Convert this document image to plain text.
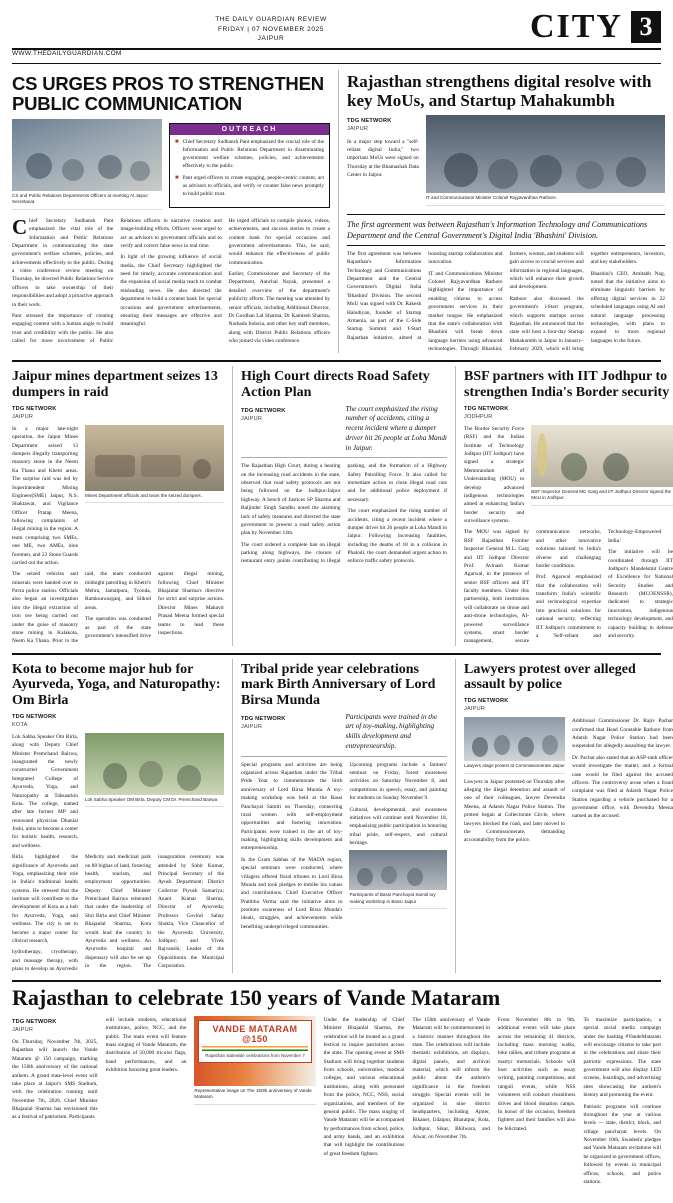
THE DAILY GUARDIAN REVIEW
FRIDAY | 07 NOVEMBER 2025
JAIPUR	CITY 3
WWW.THEDAILYGUARDIAN.COM
CS URGES PROS TO STRENGTHEN PUBLIC COMMUNICATION
CS and Public Relations Departments Officers at meeting At Jaipur Secretariat.
OUTREACH
■ Chief Secretary Sudhansh Pant emphasized the crucial role of the Information and Public Relations Department in disseminating government welfare schemes, policies, and achievements effectively to the public.
■ Pant urged officers to create engaging, people-centric content, act as advisors to officials, and verify or counter false news promptly to build public trust.

Chief Secretary Sudhansh Pant emphasized the vital role of the Information and Public Relations Department in communicating the state government's welfare schemes, policies, and achievements effectively to the public. During a video conference review meeting on Thursday, he directed Public Relations Service officers to take ownership of their responsibilities and adopt a proactive approach in their work.

Pant stressed the importance of creating engaging content with a human angle to build trust and credibility with the public. He also called for more involvement of Public Relations officers in narrative creation and image-building efforts. Officers were urged to act as advisors to government officials and to verify and correct false news in real time.

In light of the growing influence of social media, the Chief Secretary highlighted the need for timely, accurate communication and the expansion of social media reach to combat misleading news. He also directed the department to build a content bank for special occasions and government advertisements, ensuring their messages are effective and meaningful.

He urged officials to compile photos, videos, achievements, and success stories to create a content bank for special occasions and government advertisements. This, he said, would enhance the effectiveness of public communication.

Earlier, Commissioner and Secretary of the Department, Aanchal Nayak, presented a detailed overview of the department's publicity efforts. The meeting was attended by senior officials, including Additional Director, Dr Gordhan Lal Sharma, Dr Kamlesh Sharma, Narbada Indoria, and other key staff members, along with District Public Relations officers who joined via video conference.

Rajasthan strengthens digital resolve with key MoUs, and Startup Mahakumbh
TDG NETWORK
JAIPUR

In a major step toward a "self-reliant digital India," two important MoUs were signed on Thursday at the Bhamashah Data Center in Jaipur.

IT and Communications Minister Colonel Rajyavardhan Rathore.
The first agreement was between Rajasthan's Information Technology and Communications Department and the Central Government's Digital India 'Bhashini' Division.

The first agreement was between Rajasthan's Information Technology and Communications Department and the Central Government's Digital India 'Bhashini' Division. The second MoU was signed with Dr. Rakesh Halodiyan, founder of Startup Armenia, as part of the C-Side Startup Summit and I-Start Rajasthan initiative, aimed at boosting startup collaboration and innovation.

IT and Communications Minister Colonel Rajyavardhan Rathore highlighted the importance of enabling citizens to access government services in their mother tongue. He emphasized that the state's collaboration with Bhashini will break down language barriers using advanced technologies. Through Bhashini, farmers, women, and students will gain access to crucial services and information in regional languages, which will enhance their growth and development.

Rathore also discussed the government's i-Start program, which supports startups across Rajasthan. He announced that the state will host a four-day Startup Mahakumbh in Jaipur in January–February 2029, which will bring together entrepreneurs, investors, and key stakeholders.

Bhashini's CEO, Amitabh Nag, noted that the initiative aims to eliminate linguistic barriers by offering digital services in 22 scheduled languages using AI and natural language processing technologies, with plans to expand to more regional languages in the future.

Jaipur mines department seizes 13 dumpers in raid
TDG NETWORK
JAIPUR

In a major late-night operation, the Jaipur Mines Department seized 13 dumpers illegally transporting masonry stone in the Neem Ka Thana and Khetri areas. The surprise raid was led by Superintendent Mining Engineer(SME) Jaipur, N.S. Shaktawat, and Vigilance Officer Pratap Meena, following complaints of illegal mining in the region. A team comprising two SMEs, one ME, two AMEs, nine foremen, and 23 Stone Guards carried out the action.

Mines Department officials and team the seized dumpers .

The seized vehicles and minerals were handed over to Pavta police station. Officials also began an investigation into the illegal extraction of iron ore being carried out under the guise of masonry stone mining in Kalakota, Neem Ka Thana. Prior to the raid, the team conducted midnight patrolling in Khetri's Mehra, Jamalpura, Tyonda, Ramkunwarganj, and Silkod areas.

The operation was conducted as part of the state government's intensified drive against illegal mining, following Chief Minister Bhajanlal Sharma's directive for strict and surprise actions. Director Mines Mahavir Prasad Meena formed special teams to lead these inspections.

High Court directs Road Safety Action Plan
TDG NETWORK
JAIPUR
The court emphasized the rising number of accidents, citing a recent incident where a dumper driver hit 26 people at Loha Mandi in Jaipur.

The Rajasthan High Court, during a hearing on the increasing road accidents in the state, observed that road safety protocols are not being followed on the Jodhpur-Jaipur highway. A bench of Justices SP Sharma and Baljinder Singh Sandhu noted the alarming lack of safety measures and directed the state government to present a road safety action plan by November 14th.

The court ordered a complete ban on illegal parking along highways, the closure of restaurant entry points contributing to illegal parking, and the formation of a Highway Safety Patrolling Force. It also called for immediate action to close illegal road cuts and for additional police deployment if necessary.

The court emphasized the rising number of accidents, citing a recent incident where a dumper driver hit 26 people at Loha Mandi in Jaipur. Following increasing fatalities, including the deaths of 18 in a collision in Phalodi, the court demanded urgent action to enforce traffic safety protocols.

BSF partners with IIT Jodhpur to strengthen India's Border security
TDG NETWORK
JODHPUR

The Border Security Force (BSF) and the Indian Institute of Technology Jodhpur (IIT Jodhpur) have signed a strategic Memorandum of Understanding (MOU) to develop advanced indigenous technologies aimed at enhancing India's border security and surveillance systems.

BSF Inspector General MC Garg and IIT Jodhpur Director signed the MoU in Jodhpur.

The MOU was signed by BSF Rajasthan Frontier Inspector General M.L. Garg and IIT Jodhpur Director Prof. Avinash Kumar Agarwal, in the presence of senior BSF officers and IIT faculty members. Under this partnership, both institutions will collaborate on drone and anti-drone technologies, AI-powered surveillance systems, smart border management, secure communication networks, and other innovative solutions tailored to India's diverse and challenging border conditions.

Prof. Agarwal emphasized that the collaboration will transform India's scientific and technological expertise into practical solutions for national security, reflecting IIT Jodhpur's commitment to a 'Self-reliant and Technology-Empowered India.'

The initiative will be coordinated through IIT Jodhpur's Mandelsmit Centre of Excellence for National Security Studies and Research (MCOENSSR), dedicated to strategic innovation, indigenous technology development, and capacity building in defense and security.

Kota to become major hub for Ayurveda, Yoga, and Naturopathy: Om Birla
TDG NETWORK
KOTA

Lok Sabha Speaker Om Birla, along with Deputy Chief Minister Premchand Bairwa, inaugurated the newly constructed Government Integrated College of Ayurveda, Yoga, and Naturopathy at Tahsaarkin Kota. The college, named after late former MP and renowned physician Dhanlal Joshi, aims to become a center for holistic health, research, and wellness.

Lok Sabha Speaker OM Birla, Deputy CM Dr. Premchand Bairwa

Birla highlighted the significance of Ayurveda and Yoga, emphasizing their role in India's traditional health systems. He stressed that the institute will contribute to the development of Kota as a hub for Ayurveda, Yoga, and wellness. The city is set to become a major center for clinical research,

hydrotherapy, cryotherapy, and massage therapy, with plans to develop an Ayurvedic Medicity and medicinal park on 80 bighas of land, fostering health, tourism, and employment opportunities. Deputy Chief Minister Premchand Bairwa reiterated that under the leadership of Shri Birla and Chief Minister Bhajanlal Sharma, Kota would lead the country in Ayurveda and wellness. An Ayurvedic hospital and dispensary will also be set up in the region. The inauguration ceremony was attended by Subir Kumar, Principal Secretary of the Ayush Department; District Collector Piyush Samariya; Anant Kumar Sharma, Director of Ayurveda; Professor Govind Sahay Shukla, Vice Chancellor of the Ayurveda University, Jodhpur; and Vivek Rajvanshi, Leader of the Oppositionin the Municipal Corporation.

Tribal pride year celebrations mark Birth Anniversary of Lord Birsa Munda
TDG NETWORK
JAIPUR
Participants were trained in the art of toy-making, highlighting skills development and entrepreneurship.

Special programs and activities are being organized across Rajasthan under the Tribal Pride Year to commemorate the birth anniversary of Lord Birsa Munda. A toy-making workshop was held at the Bassi Panchayat Samiti on Thursday, connecting rural women with self-employment opportunities and fostering innovation. Participants were trained in the art of toy-making, highlighting skills development and entrepreneurship.

In the Gram Sabhas of the MADA region, special seminars were conducted, where villagers offered floral tributes to Lord Birsa Munda and took pledges to imbibe his values and contributions. Chief Executive Officer Pratibha Verma said the initiative aims to promote awareness of Lord Birsa Munda's ideals, struggles, and achievements while benefiting underprivileged communities.

Upcoming programs include a farmers' seminar on Friday, forest awareness activities on Saturday November 8, and competitions in speech, essay, and painting for students on Sunday November 9.

Cultural, developmental, and awareness initiatives will continue until November 18, emphasizing public participation in honoring tribal pride, self-respect, and cultural heritage.

Participants of Bassi Panchayat Samiti toy making workshop in Bassi Jaipur
Lawyers protest over alleged assault by police
TDG NETWORK
JAIPUR
Lawyers stage protest at Commissionerate Jaipur

Lawyers in Jaipur protested on Thursday after alleging the illegal detention and assault of one of their colleagues, lawyer Devendra Meena, at Adarsh Nagar Police Station. The protest began at Collectorate Circle, where lawyers blocked the road, and later moved to the Commissionerate, demanding accountability from the police.

Additional Commissioner Dr. Rajiv Pachar confirmed that Head Constable Rathore from Adarsh Nagar Police Station had been suspended for allegedly assaulting the lawyer.

Dr. Pachar also stated that an ASP-rank officer would investigate the matter, and a formal case would be filed against the accused officers. The controversy arose when a fraud complaint was filed at Adarsh Nagar Police Station regarding a vehicle purchased for a government office, with Devendra Meena named as the accused.

Rajasthan to celebrate 150 years of Vande Mataram
TDG NETWORK
JAIPUR

On Thursday, November 7th, 2025, Rajasthan will launch the Vande Mataram @ 150 campaign, marking the 150th anniversary of the national anthem. A grand state-level event will take place at Jaipur's SMS Stadium, with the celebration running until November 7th, 2026. Chief Minister Bhajanlal Sharma has envisioned this as a festival of patriotism. Participants

will include students, educational institutions, police, NCC, and the public. The main event will feature mass singing of Vande Mataram, the distribution of 50,000 tricolor flags, band performances, and an exhibition honoring great leaders.

VANDE MATARAM @150
Rajasthan statewide celebrations from November 7
Representative image on The 150th anniversary of Vande Mataram.

Under the leadership of Chief Minister Bhajanlal Sharma, the celebration will be treated as a grand festival to inspire patriotism across the state. The opening event at SMS Stadium will bring together students from schools, universities, medical colleges, and various educational institutions, along with personnel from the police, NCC, NSS, social organizations, and members of the general public. The mass singing of Vande Mataram will be accompanied by performances from school, police, and army bands, and an exhibition that will highlight the contributions of great freedom fighters.

The 150th anniversary of Vande Mataram will be commemorated in a historic manner throughout the state. The celebrations will include thematic exhibitions, art displays, digital panels, and archival material, which will inform the public about the anthem's significance in the freedom struggle. Special events will be organized in nine district headquarters, including Ajmer, Bikaner, Udaipur, Bharatpur, Kota, Jodhpur, Sikar, Bhilwara, and Alwar, on November 7th.

From November 8th to 9th, additional events will take place across the remaining 41 districts, including mass morning walks, bike rallies, and tribute programs at martyr memorials. Schools will host activities such as essay writing, painting competitions, and rangoli events, while NSS volunteers will conduct cleanliness drives and blood donation camps. In honor of the occasion, freedom fighters and their families will also be felicitated.

To maximize participation, a special social media campaign under the hashtag #VandeMataram will encourage citizens to take part in the celebrations and share their patriotic expressions. The state government will also display LED screens, hoardings, and advertising sites showcasing the anthem's history and promoting the event.

Patriotic programs will continue throughout the year at various levels — state, district, block, and village panchayat levels. On November 10th, Swadeshi pledges and Vande Mataram recitations will be organized in government offices, followed by events in municipal offices, schools, and police stations.
